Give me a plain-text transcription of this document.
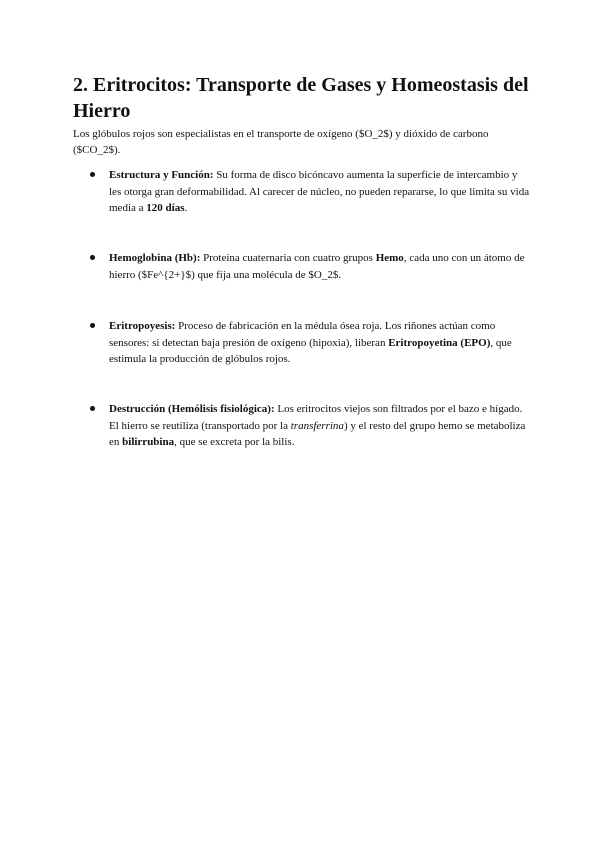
2. Eritrocitos: Transporte de Gases y Homeostasis del Hierro

Los glóbulos rojos son especialistas en el transporte de oxígeno ($O_2$) y dióxido de carbono ($CO_2$).

Estructura y Función: Su forma de disco bicóncavo aumenta la superficie de intercambio y les otorga gran deformabilidad. Al carecer de núcleo, no pueden repararse, lo que limita su vida media a 120 días.

Hemoglobina (Hb): Proteína cuaternaria con cuatro grupos Hemo, cada uno con un átomo de hierro ($Fe^{2+}$) que fija una molécula de $O_2$.

Eritropoyesis: Proceso de fabricación en la médula ósea roja. Los riñones actúan como sensores: si detectan baja presión de oxígeno (hipoxia), liberan Eritropoyetina (EPO), que estimula la producción de glóbulos rojos.

Destrucción (Hemólisis fisiológica): Los eritrocitos viejos son filtrados por el bazo e hígado. El hierro se reutiliza (transportado por la transferrina) y el resto del grupo hemo se metaboliza en bilirrubina, que se excreta por la bilis.
